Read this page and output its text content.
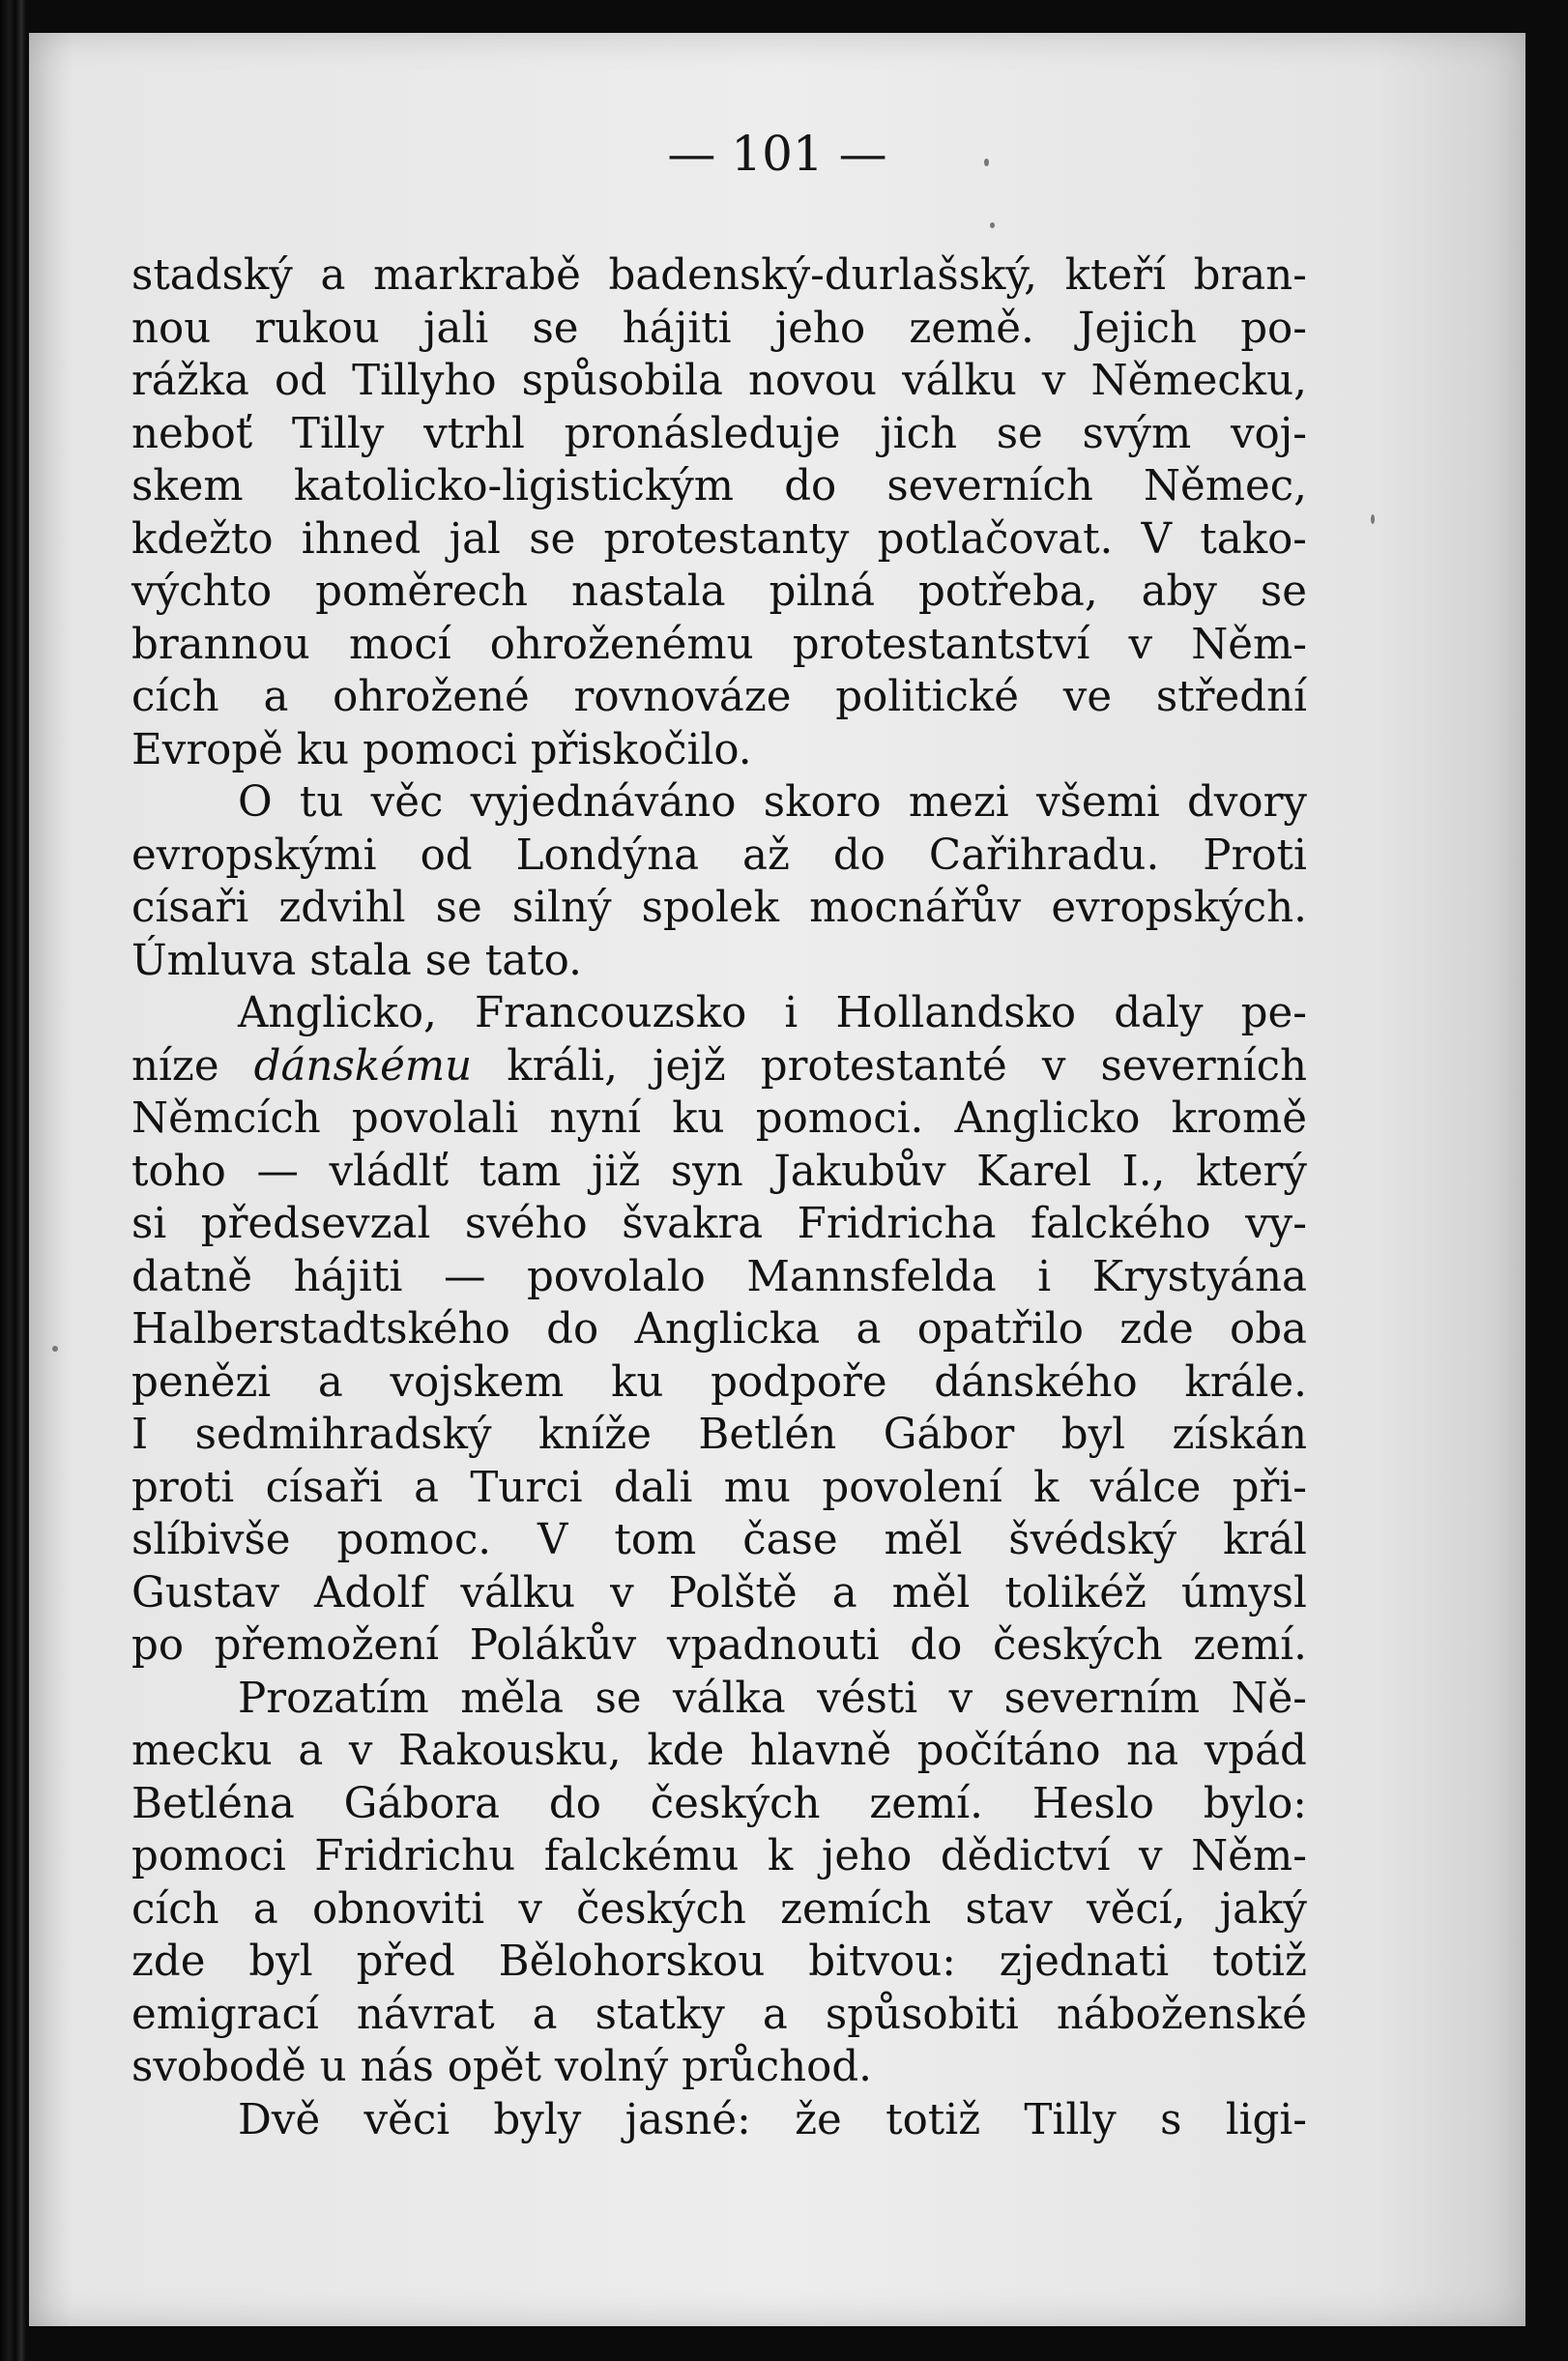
— 101 —
stadský a markrabě badenský-durlašský, kteří bran-
nou rukou jali se hájiti jeho země. Jejich po-
rážka od Tillyho spůsobila novou válku v Německu,
neboť Tilly vtrhl pronásleduje jich se svým voj-
skem katolicko-ligistickým do severních Němec,
kdežto ihned jal se protestanty potlačovat. V tako-
výchto poměrech nastala pilná potřeba, aby se
brannou mocí ohroženému protestantství v Něm-
cích a ohrožené rovnováze politické ve střední
Evropě ku pomoci přiskočilo.
O tu věc vyjednáváno skoro mezi všemi dvory
evropskými od Londýna až do Cařihradu. Proti
císaři zdvihl se silný spolek mocnářův evropských.
Úmluva stala se tato.
Anglicko, Francouzsko i Hollandsko daly pe-
níze dánskému králi, jejž protestanté v severních
Němcích povolali nyní ku pomoci. Anglicko kromě
toho — vládlť tam již syn Jakubův Karel I., který
si předsevzal svého švakra Fridricha falckého vy-
datně hájiti — povolalo Mannsfelda i Krystyána
Halberstadtského do Anglicka a opatřilo zde oba
penězi a vojskem ku podpoře dánského krále.
I sedmihradský kníže Betlén Gábor byl získán
proti císaři a Turci dali mu povolení k válce při-
slíbivše pomoc. V tom čase měl švédský král
Gustav Adolf válku v Polště a měl tolikéž úmysl
po přemožení Polákův vpadnouti do českých zemí.
Prozatím měla se válka vésti v severním Ně-
mecku a v Rakousku, kde hlavně počítáno na vpád
Betléna Gábora do českých zemí. Heslo bylo:
pomoci Fridrichu falckému k jeho dědictví v Něm-
cích a obnoviti v českých zemích stav věcí, jaký
zde byl před Bělohorskou bitvou: zjednati totiž
emigrací návrat a statky a spůsobiti náboženské
svobodě u nás opět volný průchod.
Dvě věci byly jasné: že totiž Tilly s ligi-
